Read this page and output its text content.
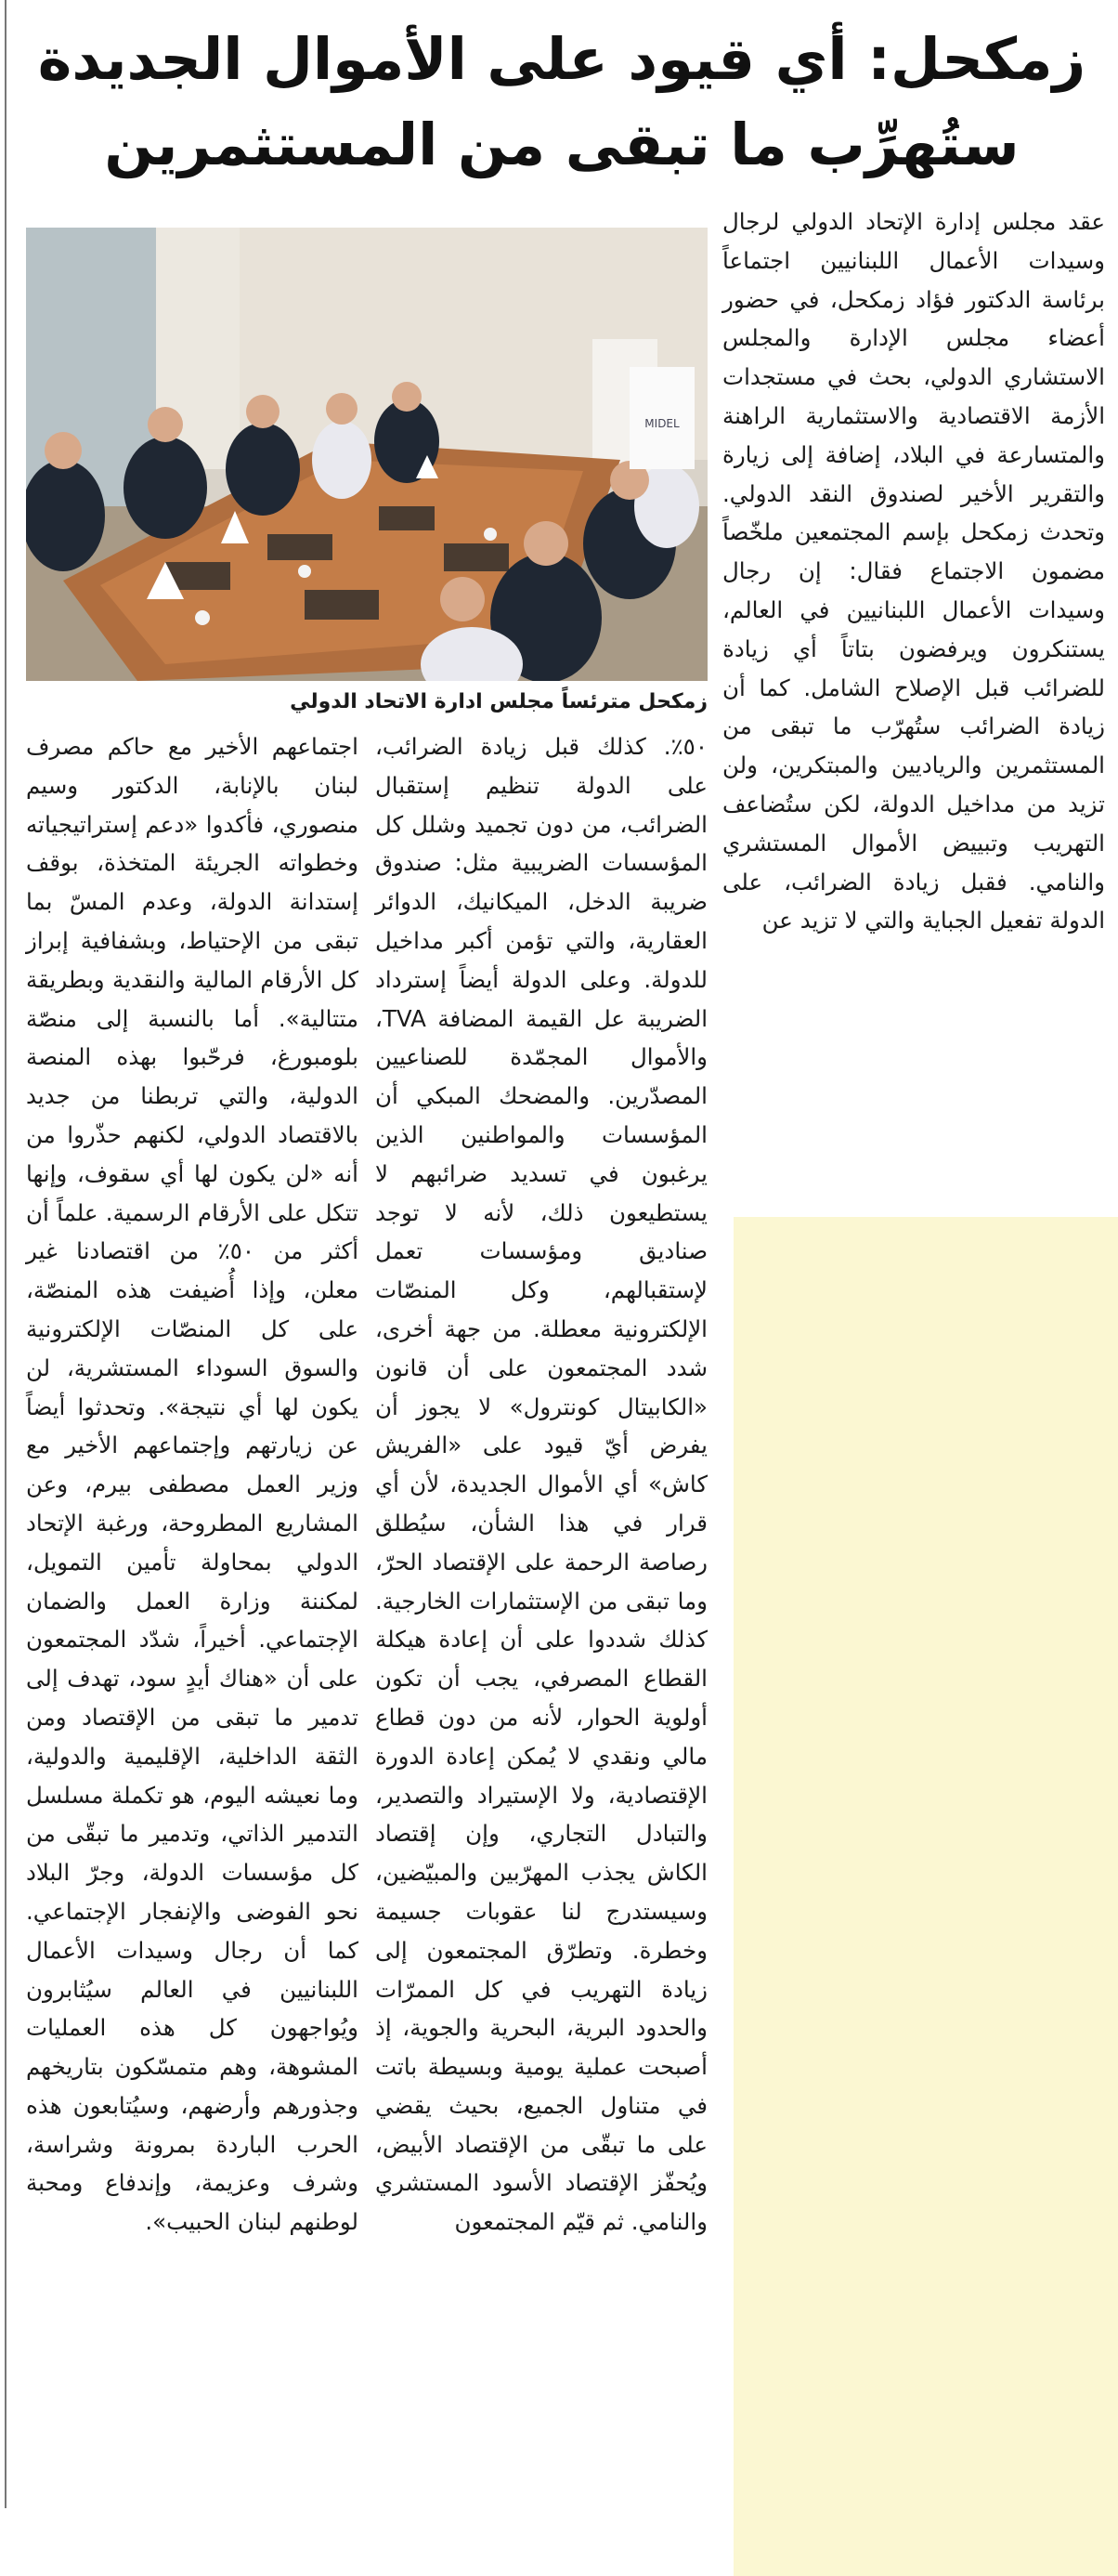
زمكحل: أي قيود على الأموال الجديدة
ستُهرِّب ما تبقى من المستثمرين
MIDEL

زمكحل مترئساً مجلس ادارة الاتحاد الدولي

عقد مجلس إدارة الإتحاد الدولي لرجال وسيدات الأعمال اللبنانيين اجتماعاً برئاسة الدكتور فؤاد زمكحل، في حضور أعضاء مجلس الإدارة والمجلس الاستشاري الدولي، بحث في مستجدات الأزمة الاقتصادية والاستثمارية الراهنة والمتسارعة في البلاد، إضافة إلى زيارة والتقرير الأخير لصندوق النقد الدولي. وتحدث زمكحل بإسم المجتمعين ملخّصاً مضمون الاجتماع فقال: إن رجال وسيدات الأعمال اللبنانيين في العالم، يستنكرون ويرفضون بتاتاً أي زيادة للضرائب قبل الإصلاح الشامل. كما أن زيادة الضرائب ستُهرّب ما تبقى من المستثمرين والرياديين والمبتكرين، ولن تزيد من مداخيل الدولة، لكن ستُضاعف التهريب وتبييض الأموال المستشري والنامي. فقبل زيادة الضرائب، على الدولة تفعيل الجباية والتي لا تزيد عن

٥٠٪. كذلك قبل زيادة الضرائب، على الدولة تنظيم إستقبال الضرائب، من دون تجميد وشلل كل المؤسسات الضريبية مثل: صندوق ضريبة الدخل، الميكانيك، الدوائر العقارية، والتي تؤمن أكبر مداخيل للدولة. وعلى الدولة أيضاً إسترداد الضريبة عل القيمة المضافة TVA، والأموال المجمّدة للصناعيين المصدّرين. والمضحك المبكي أن المؤسسات والمواطنين الذين يرغبون في تسديد ضرائبهم لا يستطيعون ذلك، لأنه لا توجد صناديق ومؤسسات تعمل لإستقبالهم، وكل المنصّات الإلكترونية معطلة. من جهة أخرى، شدد المجتمعون على أن قانون «الكابيتال كونترول» لا يجوز أن يفرض أيّ قيود على «الفريش كاش» أي الأموال الجديدة، لأن أي قرار في هذا الشأن، سيُطلق رصاصة الرحمة على الإقتصاد الحرّ، وما تبقى من الإستثمارات الخارجية. كذلك شددوا على أن إعادة هيكلة القطاع المصرفي، يجب أن تكون أولوية الحوار، لأنه من دون قطاع مالي ونقدي لا يُمكن إعادة الدورة الإقتصادية، ولا الإستيراد والتصدير، والتبادل التجاري، وإن إقتصاد الكاش يجذب المهرّبين والمبيّضين، وسيستدرج لنا عقوبات جسيمة وخطرة. وتطرّق المجتمعون إلى زيادة التهريب في كل الممرّات والحدود البرية، البحرية والجوية، إذ أصبحت عملية يومية وبسيطة باتت في متناول الجميع، بحيث يقضي على ما تبقّى من الإقتصاد الأبيض، ويُحفّز الإقتصاد الأسود المستشري والنامي. ثم قيّم المجتمعون

اجتماعهم الأخير مع حاكم مصرف لبنان بالإنابة، الدكتور وسيم منصوري، فأكدوا «دعم إستراتيجياته وخطواته الجريئة المتخذة، بوقف إستدانة الدولة، وعدم المسّ بما تبقى من الإحتياط، وبشفافية إبراز كل الأرقام المالية والنقدية وبطريقة متتالية». أما بالنسبة إلى منصّة بلومبورغ، فرحّبوا بهذه المنصة الدولية، والتي تربطنا من جديد بالاقتصاد الدولي، لكنهم حذّروا من أنه «لن يكون لها أي سقوف، وإنها تتكل على الأرقام الرسمية. علماً أن أكثر من ٥٠٪ من اقتصادنا غير معلن، وإذا أُضيفت هذه المنصّة، على كل المنصّات الإلكترونية والسوق السوداء المستشرية، لن يكون لها أي نتيجة». وتحدثوا أيضاً عن زيارتهم وإجتماعهم الأخير مع وزير العمل مصطفى بيرم، وعن المشاريع المطروحة، ورغبة الإتحاد الدولي بمحاولة تأمين التمويل، لمكننة وزارة العمل والضمان الإجتماعي. أخيراً، شدّد المجتمعون على أن «هناك أيدٍ سود، تهدف إلى تدمير ما تبقى من الإقتصاد ومن الثقة الداخلية، الإقليمية والدولية، وما نعيشه اليوم، هو تكملة مسلسل التدمير الذاتي، وتدمير ما تبقّى من كل مؤسسات الدولة، وجرّ البلاد نحو الفوضى والإنفجار الإجتماعي. كما أن رجال وسيدات الأعمال اللبنانيين في العالم سيُثابرون ويُواجهون كل هذه العمليات المشوهة، وهم متمسّكون بتاريخهم وجذورهم وأرضهم، وسيُتابعون هذه الحرب الباردة بمرونة وشراسة، وشرف وعزيمة، وإندفاع ومحبة لوطنهم لبنان الحبيب».
